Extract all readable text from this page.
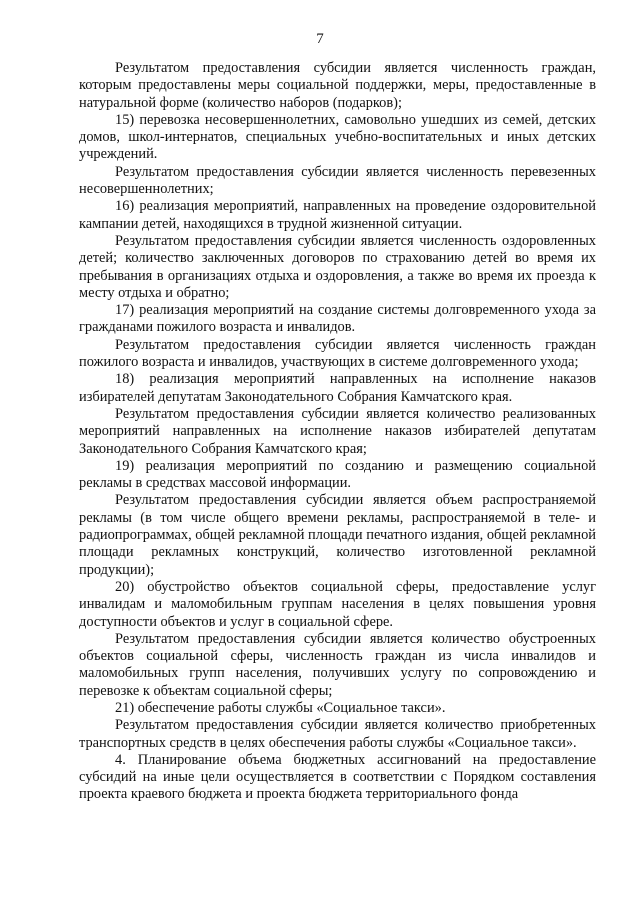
7

Результатом предоставления субсидии является численность граждан, которым предоставлены меры социальной поддержки, меры, предоставленные в натуральной форме (количество наборов (подарков);

15) перевозка несовершеннолетних, самовольно ушедших из семей, детских домов, школ-интернатов, специальных учебно-воспитательных и иных детских учреждений.

Результатом предоставления субсидии является численность перевезенных несовершеннолетних;

16) реализация мероприятий, направленных на проведение оздоровительной кампании детей, находящихся в трудной жизненной ситуации.

Результатом предоставления субсидии является численность оздоровленных детей; количество заключенных договоров по страхованию детей во время их пребывания в организациях отдыха и оздоровления, а также во время их проезда к месту отдыха и обратно;

17) реализация мероприятий на создание системы долговременного ухода за гражданами пожилого возраста и инвалидов.

Результатом предоставления субсидии является численность граждан пожилого возраста и инвалидов, участвующих в системе долговременного ухода;

18) реализация мероприятий направленных на исполнение наказов избирателей депутатам Законодательного Собрания Камчатского края.

Результатом предоставления субсидии является количество реализованных мероприятий направленных на исполнение наказов избирателей депутатам Законодательного Собрания Камчатского края;

19) реализация мероприятий по созданию и размещению социальной рекламы в средствах массовой информации.

Результатом предоставления субсидии является объем распространяемой рекламы (в том числе общего времени рекламы, распространяемой в теле- и радиопрограммах, общей рекламной площади печатного издания, общей рекламной площади рекламных конструкций, количество изготовленной рекламной продукции);

20) обустройство объектов социальной сферы, предоставление услуг инвалидам и маломобильным группам населения в целях повышения уровня доступности объектов и услуг в социальной сфере.

Результатом предоставления субсидии является количество обустроенных объектов социальной сферы, численность граждан из числа инвалидов и маломобильных групп населения, получивших услугу по сопровождению и перевозке к объектам социальной сферы;

21) обеспечение работы службы «Социальное такси».

Результатом предоставления субсидии является количество приобретенных транспортных средств в целях обеспечения работы службы «Социальное такси».

4. Планирование объема бюджетных ассигнований на предоставление субсидий на иные цели осуществляется в соответствии с Порядком составления проекта краевого бюджета и проекта бюджета территориального фонда
